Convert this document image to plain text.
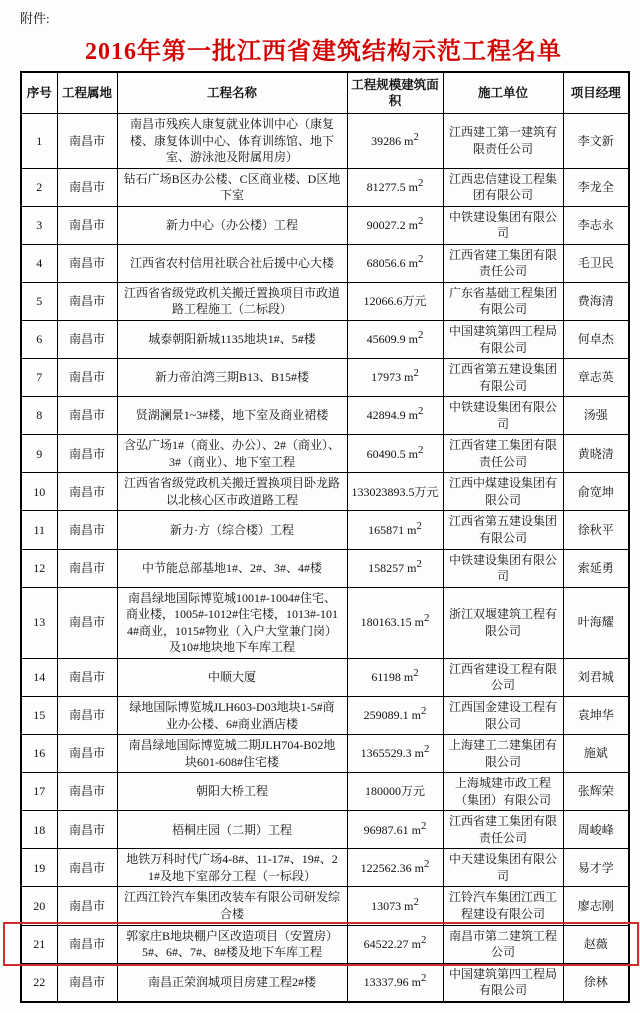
附件:
2016年第一批江西省建筑结构示范工程名单
序号	工程属地	工程名称	工程规模建筑面积	施工单位	项目经理
1	南昌市	南昌市残疾人康复就业体训中心（康复楼、康复体训中心、体育训练馆、地下室、游泳池及附属用房）	39286 $m^2$	江西建工第一建筑有限责任公司	李文新
2	南昌市	钻石广场B区办公楼、C区商业楼、D区地下室	81277.5 $m^2$	江西忠信建设工程集团有限公司	李龙全
3	南昌市	新力中心（办公楼）工程	90027.2 $m^2$	中铁建设集团有限公司	李志永
4	南昌市	江西省农村信用社联合社后援中心大楼	68056.6 $m^2$	江西省建工集团有限责任公司	毛卫民
5	南昌市	江西省省级党政机关搬迁置换项目市政道路工程施工（二标段）	12066.6万元	广东省基础工程集团有限公司	费海清
6	南昌市	城泰朝阳新城1135地块1#、5#楼	45609.9 $m^2$	中国建筑第四工程局有限公司	何卓杰
7	南昌市	新力帝泊湾三期B13、B15#楼	17973 $m^2$	江西省第五建设集团有限公司	章志英
8	南昌市	贤湖澜景1~3#楼，地下室及商业裙楼	42894.9 $m^2$	中铁建设集团有限公司	汤强
9	南昌市	含弘广场1#（商业、办公）、2#（商业）、3#（商业）、地下室工程	60490.5 $m^2$	江西省建工集团有限责任公司	黄晓清
10	南昌市	江西省省级党政机关搬迁置换项目卧龙路以北核心区市政道路工程	133023893.5万元	江西中煤建设集团有限公司	俞宽坤
11	南昌市	新力·方（综合楼）工程	165871 $m^2$	江西省第五建设集团有限公司	徐秋平
12	南昌市	中节能总部基地1#、2#、3#、4#楼	158257 $m^2$	中铁建设集团有限公司	索延勇
13	南昌市	南昌绿地国际博览城1001#-1004#住宅、商业楼，1005#-1012#住宅楼，1013#-1014#商业，1015#物业（入户大堂兼门岗）及10#地块地下车库工程	180163.15 $m^2$	浙江双堰建筑工程有限公司	叶海耀
14	南昌市	中顺大厦	61198 $m^2$	江西省建设工程有限公司	刘君城
15	南昌市	绿地国际博览城JLH603-D03地块1-5#商业办公楼、6#商业酒店楼	259089.1 $m^2$	江西国金建设工程有限公司	袁坤华
16	南昌市	南昌绿地国际博览城二期JLH704-B02地块601-608#住宅楼	1365529.3 $m^2$	上海建工二建集团有限公司	施斌
17	南昌市	朝阳大桥工程	180000万元	上海城建市政工程（集团）有限公司	张辉荣
18	南昌市	梧桐庄园（二期）工程	96987.61 $m^2$	江西省建工集团有限责任公司	周峻峰
19	南昌市	地铁万科时代广场4-8#、11-17#、19#、21#及地下室部分工程（一标段）	122562.36 $m^2$	中天建设集团有限公司	易才学
20	南昌市	江西江铃汽车集团改装车有限公司研发综合楼	13073 $m^2$	江铃汽车集团江西工程建设有限公司	廖志刚
21	南昌市	郭家庄B地块棚户区改造项目（安置房）5#、6#、7#、8#楼及地下车库工程	64522.27 $m^2$	南昌市第二建筑工程公司	赵薇
22	南昌市	南昌正荣润城项目房建工程2#楼	13337.96 $m^2$	中国建筑第四工程局有限公司	徐林
